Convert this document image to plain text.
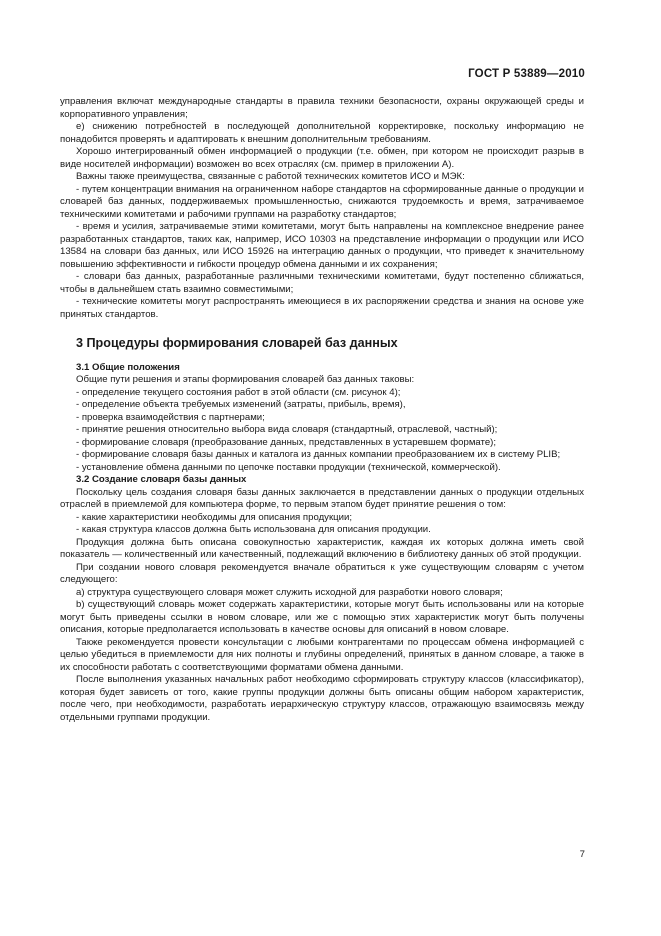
ГОСТ Р 53889—2010

управления включат международные стандарты в правила техники безопасности, охраны окружающей среды и корпоративного управления;

е) снижению потребностей в последующей дополнительной корректировке, поскольку информацию не понадобится проверять и адаптировать к внешним дополнительным требованиям.

Хорошо интегрированный обмен информацией о продукции (т.е. обмен, при котором не происходит разрыв в виде носителей информации) возможен во всех отраслях (см. пример в приложении А).

Важны также преимущества, связанные с работой технических комитетов ИСО и МЭК:

- путем концентрации внимания на ограниченном наборе стандартов на сформированные данные о продукции и словарей баз данных, поддерживаемых промышленностью, снижаются трудоемкость и время, затрачиваемое техническими комитетами и рабочими группами на разработку стандартов;

- время и усилия, затрачиваемые этими комитетами, могут быть направлены на комплексное внедрение ранее разработанных стандартов, таких как, например, ИСО 10303 на представление информации о продукции или ИСО 13584 на словари баз данных, или ИСО 15926 на интеграцию данных о продукции, что приведет к значительному повышению эффективности и гибкости процедур обмена данными и их сохранения;

- словари баз данных, разработанные различными техническими комитетами, будут постепенно сближаться, чтобы в дальнейшем стать взаимно совместимыми;

- технические комитеты могут распространять имеющиеся в их распоряжении средства и знания на основе уже принятых стандартов.

3 Процедуры формирования словарей баз данных

3.1 Общие положения

Общие пути решения и этапы формирования словарей баз данных таковы:

- определение текущего состояния работ в этой области (см. рисунок 4);

- определение объекта требуемых изменений (затраты, прибыль, время),

- проверка взаимодействия с партнерами;

- принятие решения относительно выбора вида словаря (стандартный, отраслевой, частный);

- формирование словаря (преобразование данных, представленных в устаревшем формате);

- формирование словаря базы данных и каталога из данных компании преобразованием их в систему PLIB;

- установление обмена данными по цепочке поставки продукции (технической, коммерческой).

3.2 Создание словаря базы данных

Поскольку цель создания словаря базы данных заключается в представлении данных о продукции отдельных отраслей в приемлемой для компьютера форме, то первым этапом будет принятие решения о том:

- какие характеристики необходимы для описания продукции;

- какая структура классов должна быть использована для описания продукции.

Продукция должна быть описана совокупностью характеристик, каждая их которых должна иметь свой показатель — количественный или качественный, подлежащий включению в библиотеку данных об этой продукции.

При создании нового словаря рекомендуется вначале обратиться к уже существующим словарям с учетом следующего:

а) структура существующего словаря может служить исходной для разработки нового словаря;

b) существующий словарь может содержать характеристики, которые могут быть использованы или на которые могут быть приведены ссылки в новом словаре, или же с помощью этих характеристик могут быть получены описания, которые предполагается использовать в качестве основы для описаний в новом словаре.

Также рекомендуется провести консультации с любыми контрагентами по процессам обмена информацией с целью убедиться в приемлемости для них полноты и глубины определений, принятых в данном словаре, а также в их способности работать с соответствующими форматами обмена данными.

После выполнения указанных начальных работ необходимо сформировать структуру классов (классификатор), которая будет зависеть от того, какие группы продукции должны быть описаны общим набором характеристик, после чего, при необходимости, разработать иерархическую структуру классов, отражающую взаимосвязь между отдельными группами продукции.

7
